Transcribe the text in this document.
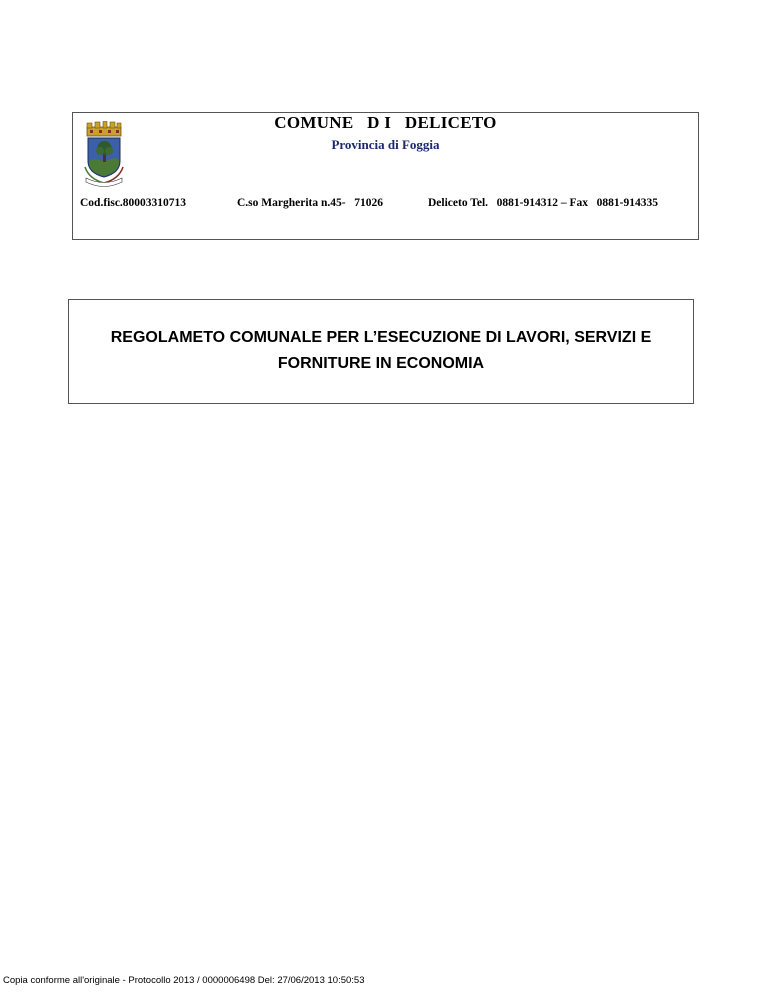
COMUNE   D I   DELICETO
Provincia di Foggia
Cod.fisc.80003310713	C.so Margherita n.45-   71026	Deliceto Tel.   0881-914312 – Fax   0881-914335
REGOLAMETO COMUNALE PER L’ESECUZIONE DI LAVORI, SERVIZI E
FORNITURE IN ECONOMIA
Copia conforme all'originale - Protocollo 2013 / 0000006498 Del: 27/06/2013 10:50:53
